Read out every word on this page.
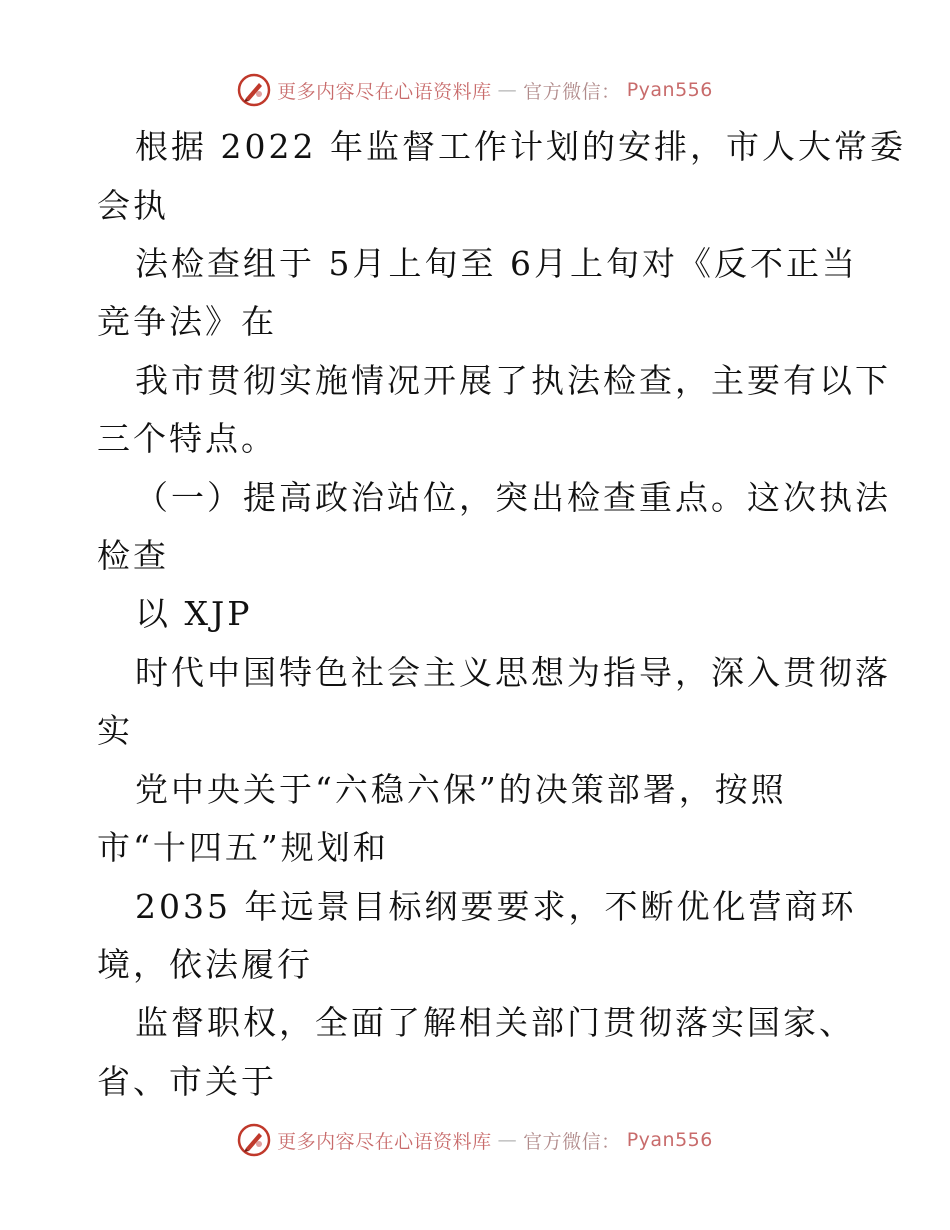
更多内容尽在心语资料库 — 官方微信： Pyan556
根据 2022 年监督工作计划的安排，市人大常委
会执
法检查组于 5月上旬至 6月上旬对《反不正当
竞争法》在
我市贯彻实施情况开展了执法检查，主要有以下
三个特点。
（一）提高政治站位，突出检查重点。这次执法
检查
以 XJP
时代中国特色社会主义思想为指导，深入贯彻落
实
党中央关于“六稳六保”的决策部署，按照
市“十四五”规划和
2035 年远景目标纲要要求，不断优化营商环
境，依法履行
监督职权，全面了解相关部门贯彻落实国家、
省、市关于
更多内容尽在心语资料库 — 官方微信： Pyan556
